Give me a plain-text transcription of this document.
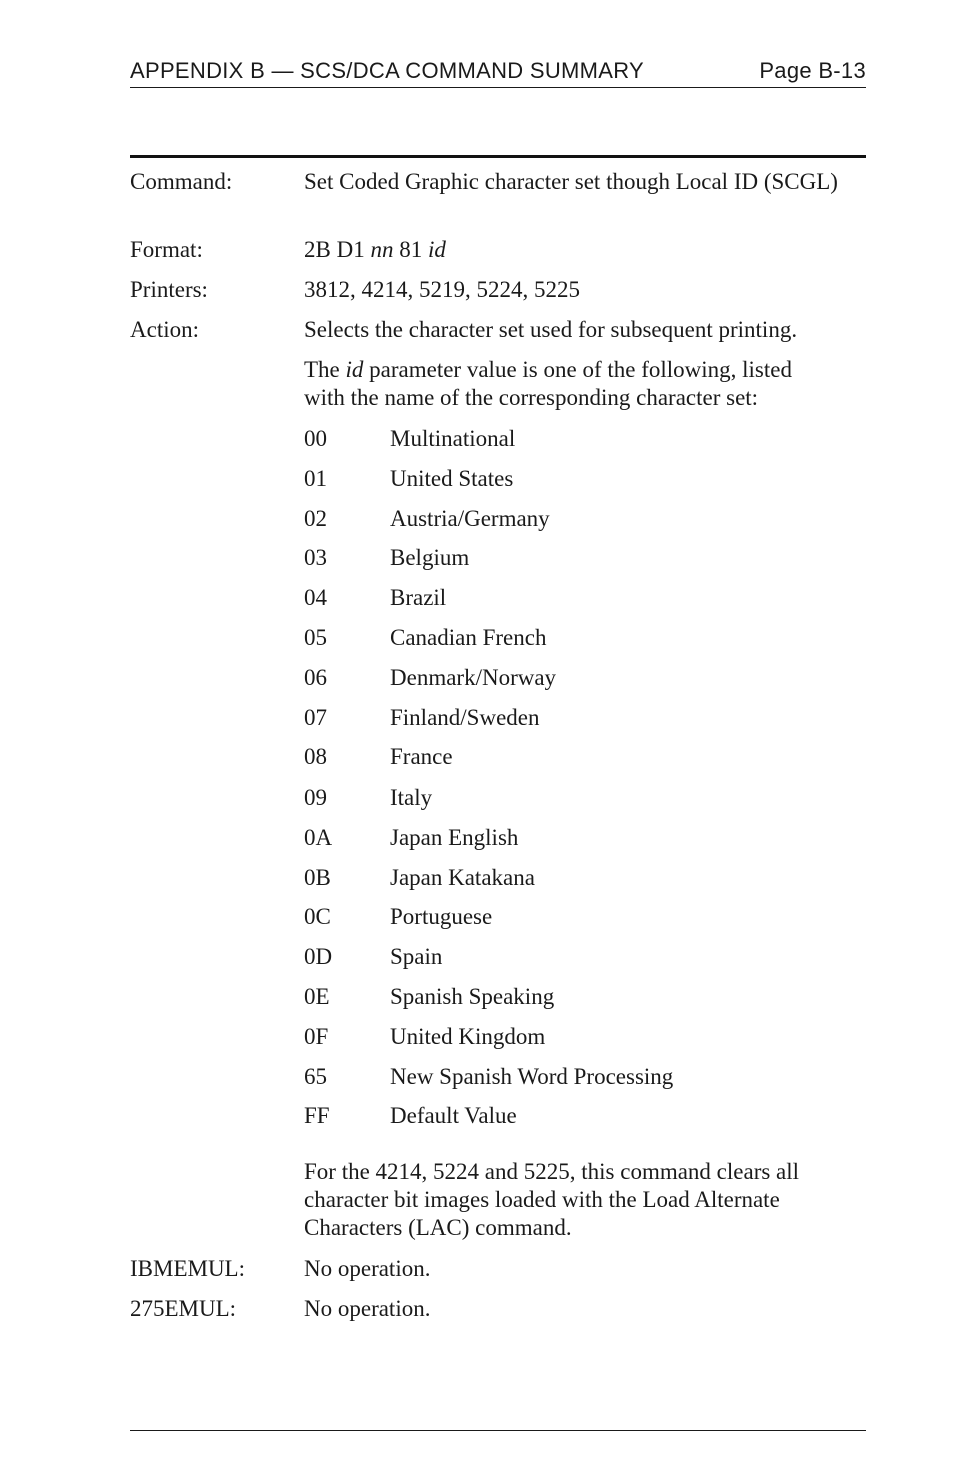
APPENDIX B — SCS/DCA COMMAND SUMMARY	Page B-13
Command:	Set Coded Graphic character set though Local ID (SCGL)
Format:	2B D1 nn 81 id
Printers:	3812, 4214, 5219, 5224, 5225
Action:	Selects the character set used for subsequent printing.
The id parameter value is one of the following, listed with the name of the corresponding character set:
00	Multinational
01	United States
02	Austria/Germany
03	Belgium
04	Brazil
05	Canadian French
06	Denmark/Norway
07	Finland/Sweden
08	France
09	Italy
0A	Japan English
0B	Japan Katakana
0C	Portuguese
0D	Spain
0E	Spanish Speaking
0F	United Kingdom
65	New Spanish Word Processing
FF	Default Value
For the 4214, 5224 and 5225, this command clears all character bit images loaded with the Load Alternate Characters (LAC) command.
IBMEMUL:	No operation.
275EMUL:	No operation.
